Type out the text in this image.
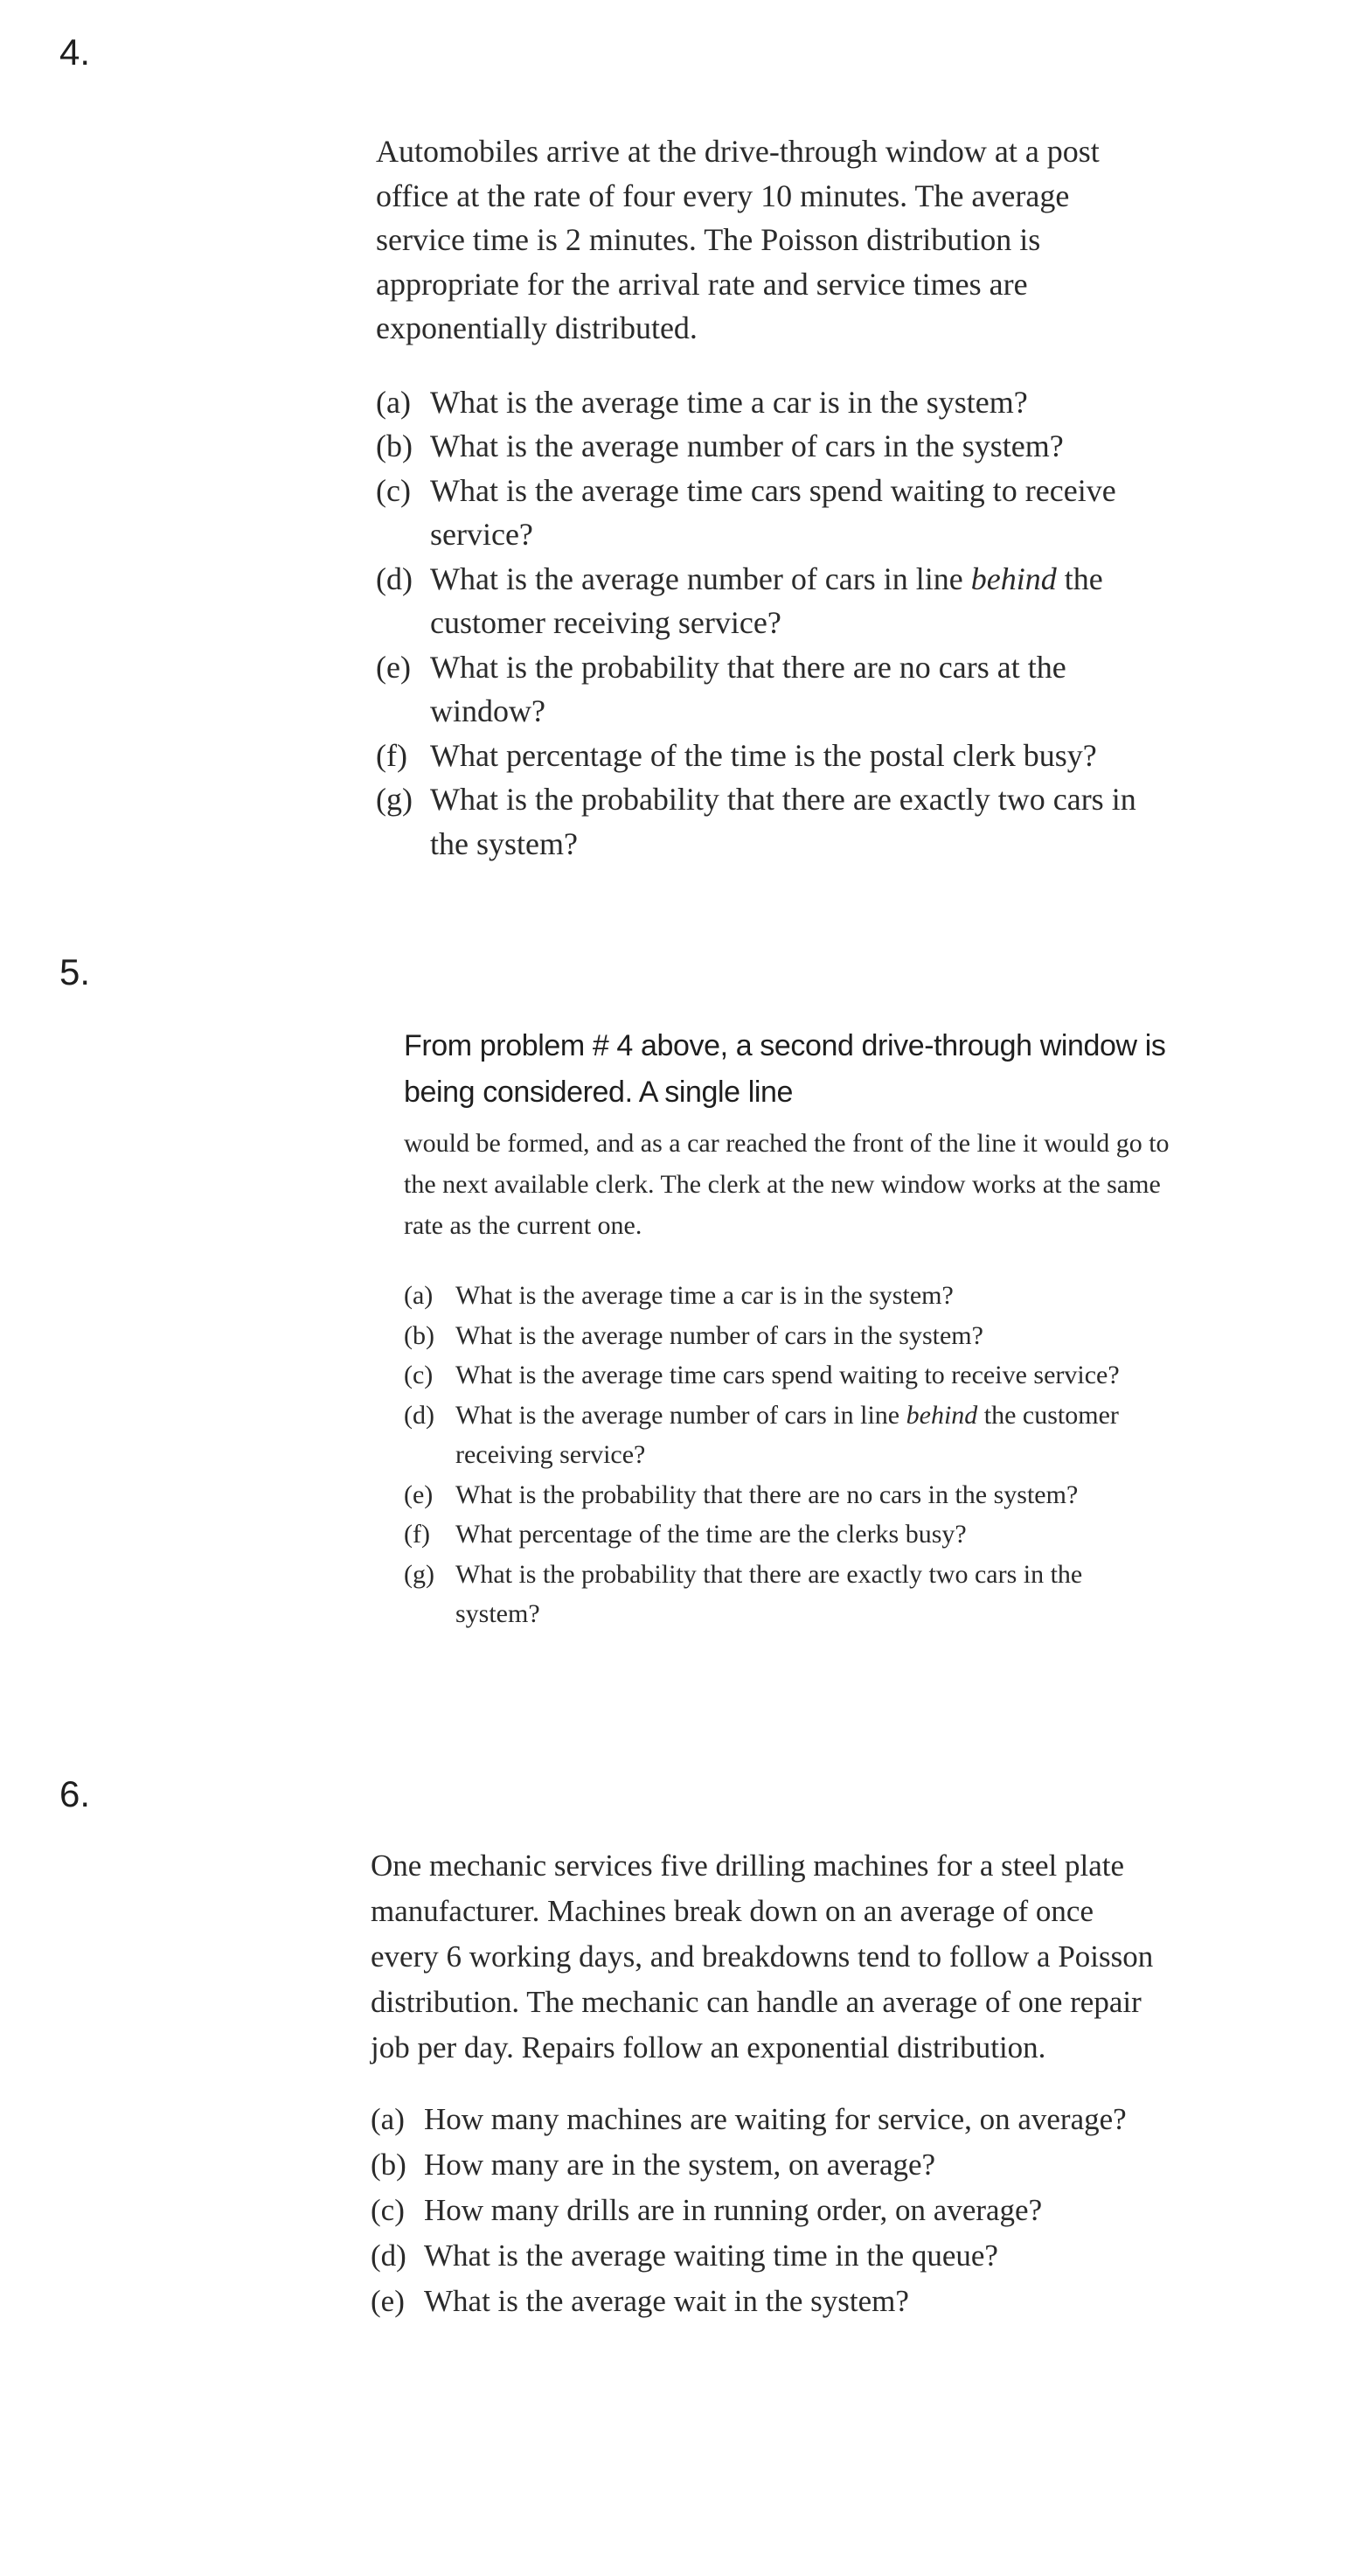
4.

Automobiles arrive at the drive-through window at a post office at the rate of four every 10 minutes. The average service time is 2 minutes. The Poisson distribution is appropriate for the arrival rate and service times are exponentially distributed.

(a) What is the average time a car is in the system?
(b) What is the average number of cars in the system?
(c) What is the average time cars spend waiting to receive service?
(d) What is the average number of cars in line behind the customer receiving service?
(e) What is the probability that there are no cars at the window?
(f) What percentage of the time is the postal clerk busy?
(g) What is the probability that there are exactly two cars in the system?
5.

From problem # 4 above, a second drive-through window is being considered. A single line

would be formed, and as a car reached the front of the line it would go to the next available clerk. The clerk at the new window works at the same rate as the current one.

(a) What is the average time a car is in the system?
(b) What is the average number of cars in the system?
(c) What is the average time cars spend waiting to receive service?
(d) What is the average number of cars in line behind the customer receiving service?
(e) What is the probability that there are no cars in the system?
(f) What percentage of the time are the clerks busy?
(g) What is the probability that there are exactly two cars in the system?
6.

One mechanic services five drilling machines for a steel plate manufacturer. Machines break down on an average of once every 6 working days, and breakdowns tend to follow a Poisson distribution. The mechanic can handle an average of one repair job per day. Repairs follow an exponential distribution.

(a) How many machines are waiting for service, on average?
(b) How many are in the system, on average?
(c) How many drills are in running order, on average?
(d) What is the average waiting time in the queue?
(e) What is the average wait in the system?
